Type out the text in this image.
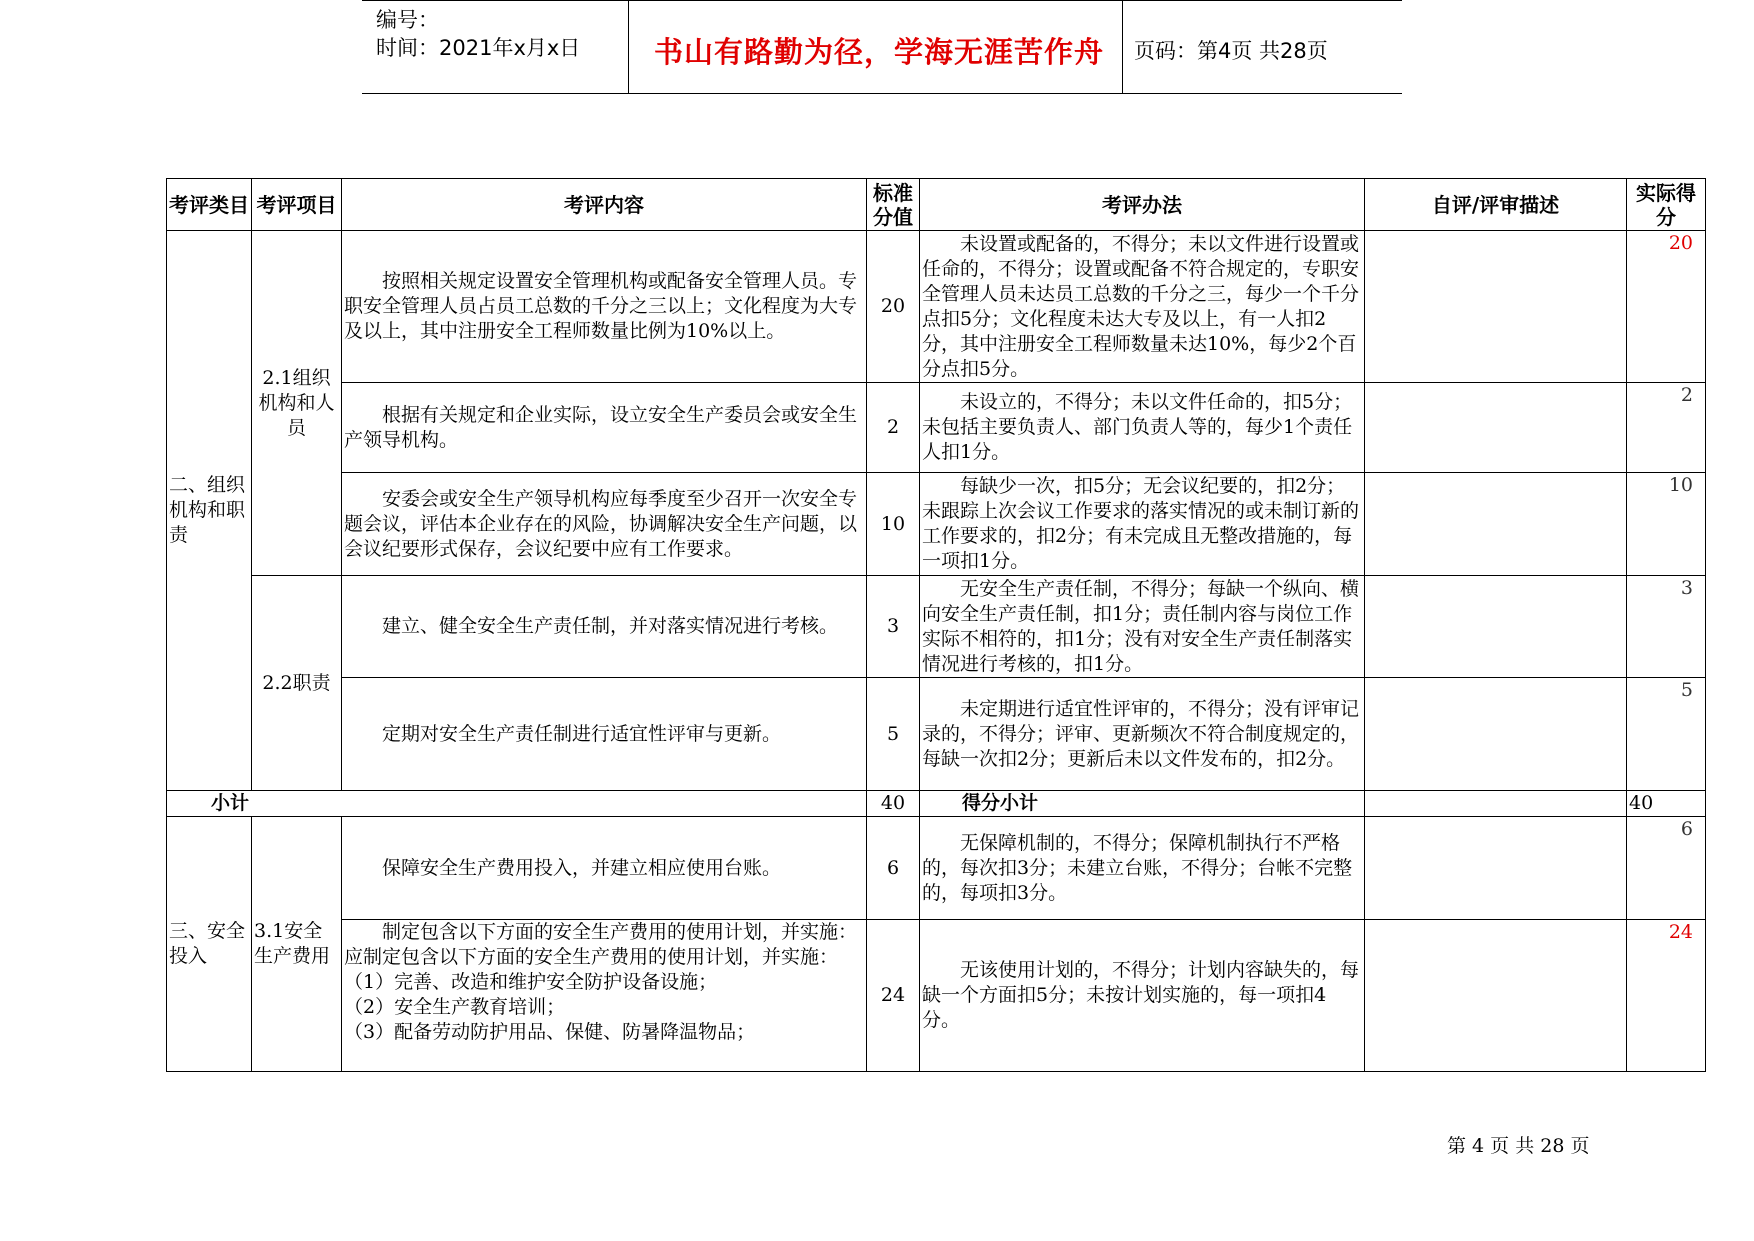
编号：
时间：2021年x月x日	书山有路勤为径，学海无涯苦作舟 页码：第4页 共28页
考评类目	考评项目	考评内容	标准分值	考评办法	自评/评审描述	实际得分
二、组织机构和职责	2.1组织机构和人员	按照相关规定设置安全管理机构或配备安全管理人员。专职安全管理人员占员工总数的千分之三以上；文化程度为大专及以上，其中注册安全工程师数量比例为10%以上。	20	未设置或配备的，不得分；未以文件进行设置或任命的，不得分；设置或配备不符合规定的，专职安全管理人员未达员工总数的千分之三，每少一个千分点扣5分；文化程度未达大专及以上，有一人扣2分，其中注册安全工程师数量未达10%，每少2个百分点扣5分。		20
		根据有关规定和企业实际，设立安全生产委员会或安全生产领导机构。	2	未设立的，不得分；未以文件任命的，扣5分；未包括主要负责人、部门负责人等的，每少1个责任人扣1分。		2
		安委会或安全生产领导机构应每季度至少召开一次安全专题会议，评估本企业存在的风险，协调解决安全生产问题，以会议纪要形式保存，会议纪要中应有工作要求。	10	每缺少一次，扣5分；无会议纪要的，扣2分；未跟踪上次会议工作要求的落实情况的或未制订新的工作要求的，扣2分；有未完成且无整改措施的，每一项扣1分。		10
	2.2职责	建立、健全安全生产责任制，并对落实情况进行考核。	3	无安全生产责任制，不得分；每缺一个纵向、横向安全生产责任制，扣1分；责任制内容与岗位工作实际不相符的，扣1分；没有对安全生产责任制落实情况进行考核的，扣1分。		3
		定期对安全生产责任制进行适宜性评审与更新。	5	未定期进行适宜性评审的，不得分；没有评审记录的，不得分；评审、更新频次不符合制度规定的，每缺一次扣2分；更新后未以文件发布的，扣2分。		5
小计			40	得分小计		40
三、安全投入	3.1安全生产费用	保障安全生产费用投入，并建立相应使用台账。	6	无保障机制的，不得分；保障机制执行不严格的，每次扣3分；未建立台账，不得分；台帐不完整的，每项扣3分。		6

		制定包含以下方面的安全生产费用的使用计划，并实施：应制定包含以下方面的安全生产费用的使用计划，并实施：
（1）完善、改造和维护安全防护设备设施；
（2）安全生产教育培训；
（3）配备劳动防护用品、保健、防暑降温物品；	24	无该使用计划的，不得分；计划内容缺失的，每缺一个方面扣5分；未按计划实施的，每一项扣4分。		24
第 4 页 共 28 页
